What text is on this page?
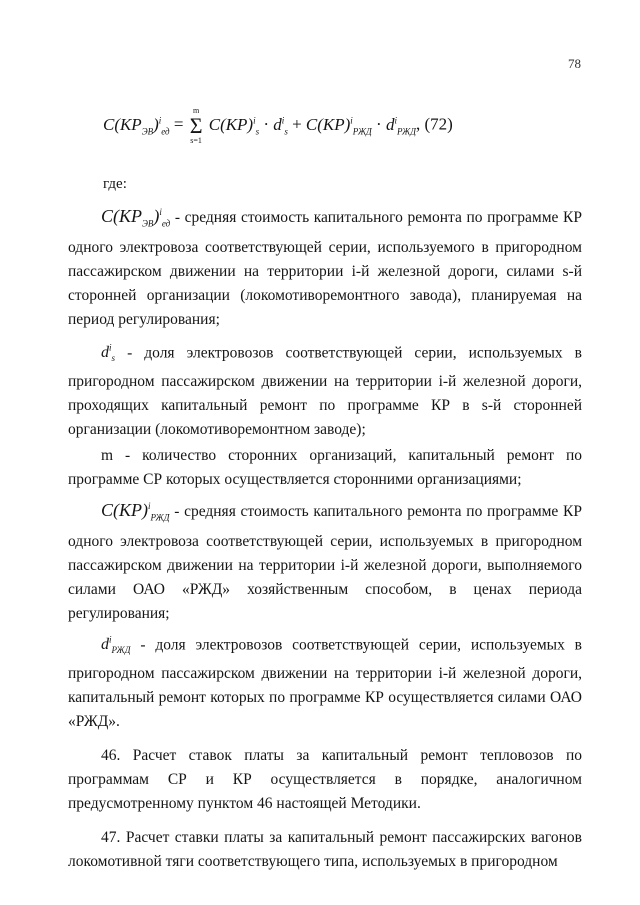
78
$C(КР_{ЭВ})^i_{ед}$ =
m
Σ
s=1
$C(КР)^i_s \cdot d^i_s + C(КР)^i_{РЖД} \cdot d^i_{РЖД}$, (72)
где:

$C(КР_{ЭВ})^i_{ед}$ - средняя стоимость капитального ремонта по программе КР одного электровоза соответствующей серии, используемого в пригородном пассажирском движении на территории i-й железной дороги, силами s-й сторонней организации (локомотиворемонтного завода), планируемая на период регулирования;

$d^i_s$ - доля электровозов соответствующей серии, используемых в пригородном пассажирском движении на территории i-й железной дороги, проходящих капитальный ремонт по программе КР в s-й сторонней организации (локомотиворемонтном заводе);

m - количество сторонних организаций, капитальный ремонт по программе СР которых осуществляется сторонними организациями;

C(КР)$^i_{РЖД}$ - средняя стоимость капитального ремонта по программе КР одного электровоза соответствующей серии, используемых в пригородном пассажирском движении на территории i-й железной дороги, выполняемого силами ОАО «РЖД» хозяйственным способом, в ценах периода регулирования;

$d^i_{РЖД}$ - доля электровозов соответствующей серии, используемых в пригородном пассажирском движении на территории i-й железной дороги, капитальный ремонт которых по программе КР осуществляется силами ОАО «РЖД».

46. Расчет ставок платы за капитальный ремонт тепловозов по программам СР и КР осуществляется в порядке, аналогичном предусмотренному пунктом 46 настоящей Методики.

47. Расчет ставки платы за капитальный ремонт пассажирских вагонов локомотивной тяги соответствующего типа, используемых в пригородном
